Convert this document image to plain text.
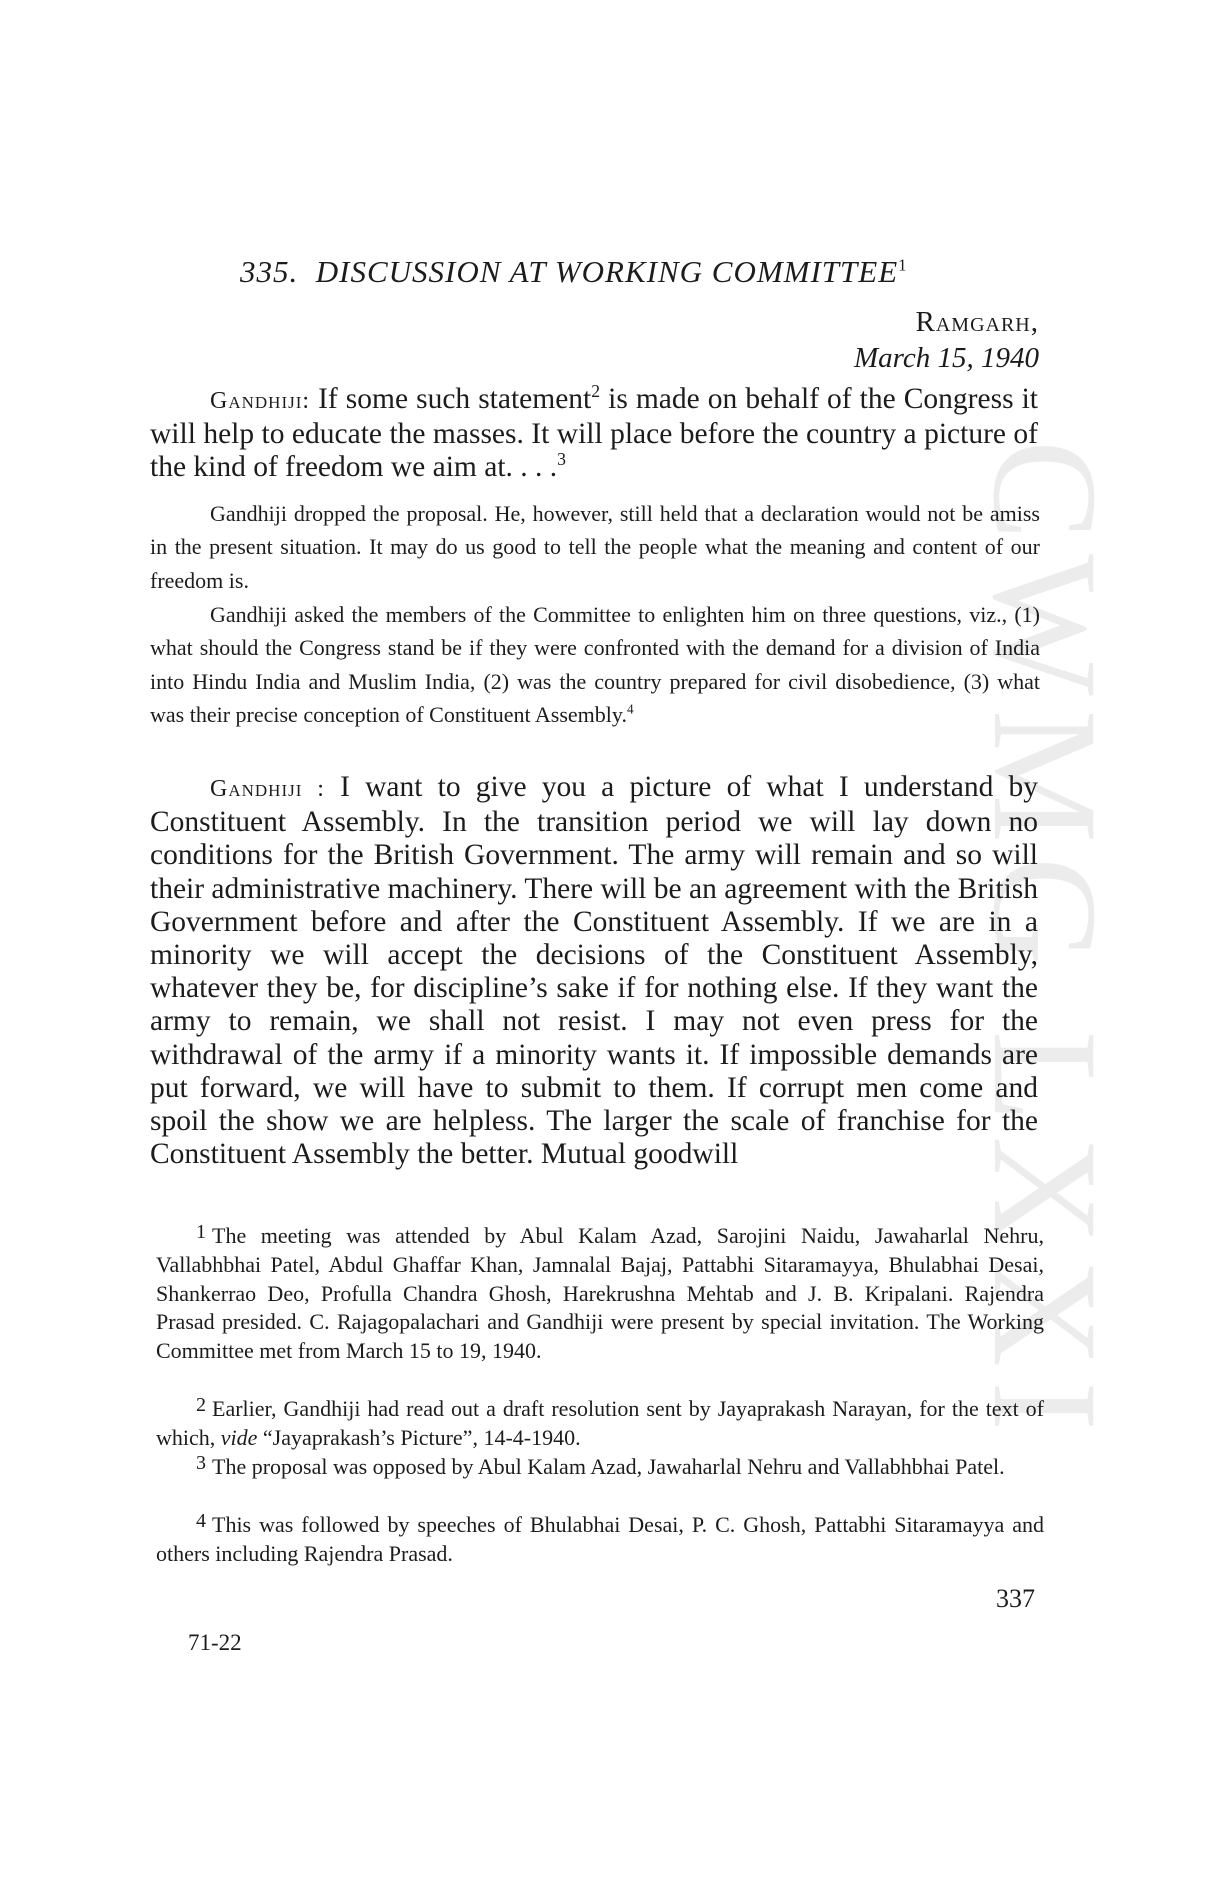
CWMG LXXI
335. DISCUSSION AT WORKING COMMITTEE$^1$
Ramgarh,
March 15, 1940

Gandhiji: If some such statement$^2$ is made on behalf of the Congress it will help to educate the masses. It will place before the country a picture of the kind of freedom we aim at. . . .$^3$

Gandhiji dropped the proposal. He, however, still held that a declaration would not be amiss in the present situation. It may do us good to tell the people what the meaning and content of our freedom is.

Gandhiji asked the members of the Committee to enlighten him on three questions, viz., (1) what should the Congress stand be if they were confronted with the demand for a division of India into Hindu India and Muslim India, (2) was the country prepared for civil disobedience, (3) what was their precise conception of Constituent Assembly.$^4$

Gandhiji : I want to give you a picture of what I understand by Constituent Assembly. In the transition period we will lay down no conditions for the British Government. The army will remain and so will their administrative machinery. There will be an agreement with the British Government before and after the Constituent Assembly. If we are in a minority we will accept the decisions of the Constituent Assembly, whatever they be, for discipline’s sake if for nothing else. If they want the army to remain, we shall not resist. I may not even press for the withdrawal of the army if a minority wants it. If impossible demands are put forward, we will have to submit to them. If corrupt men come and spoil the show we are helpless. The larger the scale of franchise for the Constituent Assembly the better. Mutual goodwill

1 The meeting was attended by Abul Kalam Azad, Sarojini Naidu, Jawaharlal Nehru, Vallabhbhai Patel, Abdul Ghaffar Khan, Jamnalal Bajaj, Pattabhi Sitaramayya, Bhulabhai Desai, Shankerrao Deo, Profulla Chandra Ghosh, Harekrushna Mehtab and J. B. Kripalani. Rajendra Prasad presided. C. Rajagopalachari and Gandhiji were present by special invitation. The Working Committee met from March 15 to 19, 1940.

2 Earlier, Gandhiji had read out a draft resolution sent by Jayaprakash Narayan, for the text of which, vide “Jayaprakash’s Picture”, 14-4-1940.

3 The proposal was opposed by Abul Kalam Azad, Jawaharlal Nehru and Vallabhbhai Patel.

4 This was followed by speeches of Bhulabhai Desai, P. C. Ghosh, Pattabhi Sitaramayya and others including Rajendra Prasad.

337
71-22
